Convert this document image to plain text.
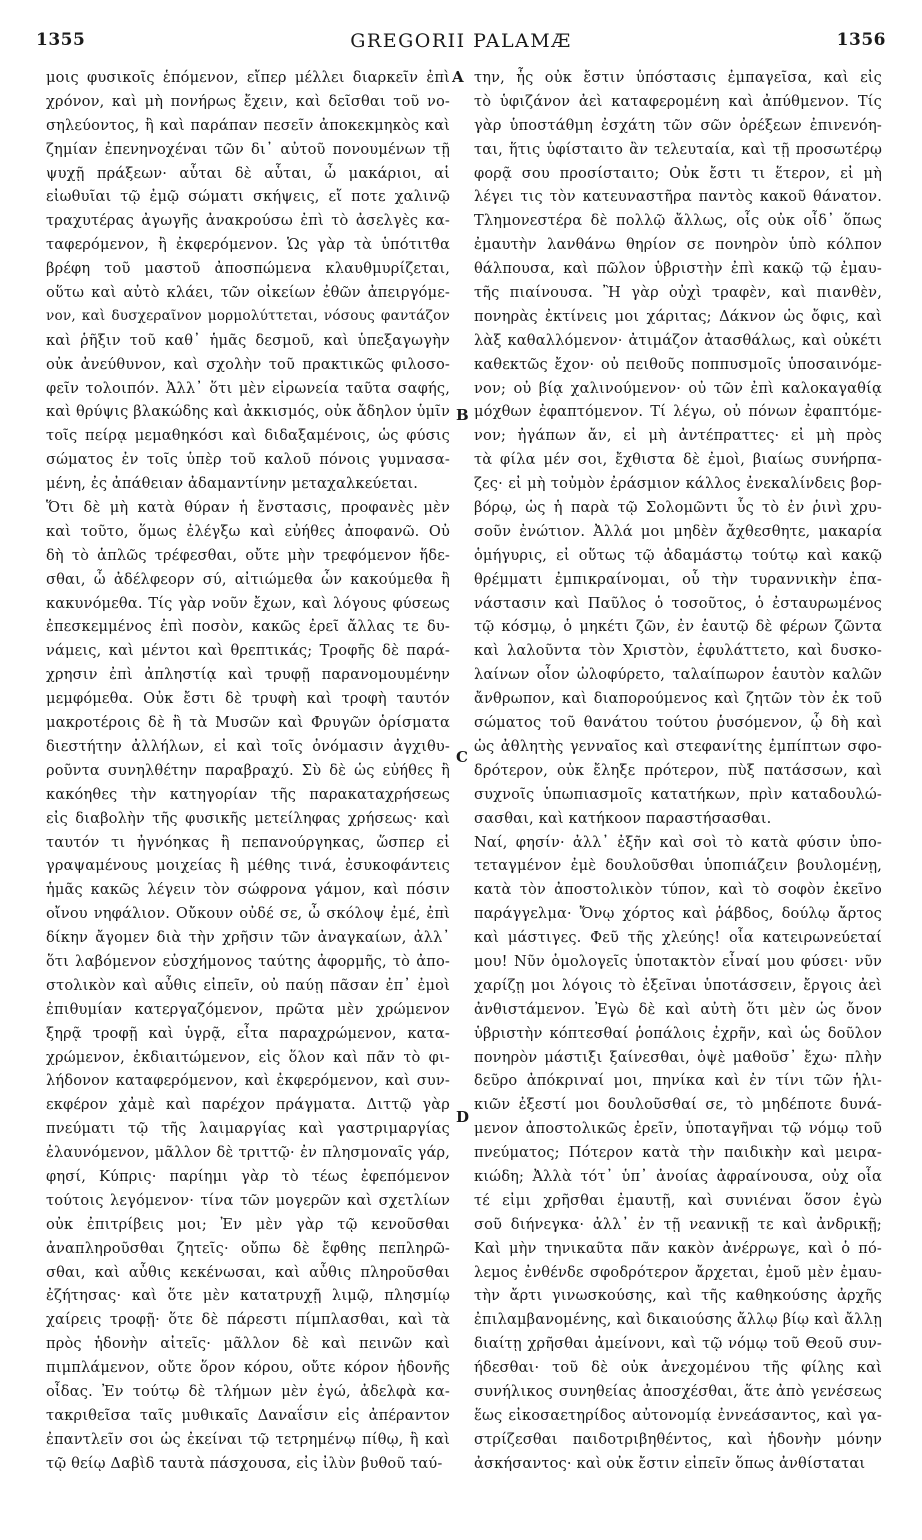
1355	GREGORII PALAMÆ	1356
μοις φυσικοῖς ἑπόμενον, εἴπερ μέλλει διαρκεῖν ἐπὶ
χρόνον, καὶ μὴ πονήρως ἔχειν, καὶ δεῖσθαι τοῦ νο-
σηλεύοντος, ἢ καὶ παράπαν πεσεῖν ἀποκεκμηκὸς καὶ
ζημίαν ἐπενηνοχέναι τῶν δι᾽ αὐτοῦ πονουμένων τῇ
ψυχῇ πράξεων· αὗται δὲ αὗται, ὦ μακάριοι, αἱ
εἰωθυῖαι τῷ ἐμῷ σώματι σκήψεις, εἴ ποτε χαλινῷ
τραχυτέρας ἀγωγῆς ἀνακρούσω ἐπὶ τὸ ἀσελγὲς κα-
ταφερόμενον, ἢ ἐκφερόμενον. Ὡς γὰρ τὰ ὑπότιτθα
βρέφη τοῦ μαστοῦ ἀποσπώμενα κλαυθμυρίζεται,
οὕτω καὶ αὐτὸ κλάει, τῶν οἰκείων ἐθῶν ἀπειργόμε-
νον, καὶ δυσχεραῖνον μορμολύττεται, νόσους φαντάζον
καὶ ῥῆξιν τοῦ καθ᾽ ἡμᾶς δεσμοῦ, καὶ ὑπεξαγωγὴν
οὐκ ἀνεύθυνον, καὶ σχολὴν τοῦ πρακτικῶς φιλοσο-
φεῖν τολοιπόν. Ἀλλ᾽ ὅτι μὲν εἰρωνεία ταῦτα σαφής,
καὶ θρύψις βλακώδης καὶ ἀκκισμός, οὐκ ἄδηλον ὑμῖν
τοῖς πείρᾳ μεμαθηκόσι καὶ διδαξαμένοις, ὡς φύσις
σώματος ἐν τοῖς ὑπὲρ τοῦ καλοῦ πόνοις γυμνασα-
μένη, ἐς ἀπάθειαν ἀδαμαντίνην μεταχαλκεύεται.
Ὅτι δὲ μὴ κατὰ θύραν ἡ ἔνστασις, προφανὲς μὲν
καὶ τοῦτο, ὅμως ἐλέγξω καὶ εὐήθες ἀποφανῶ. Οὐ
δὴ τὸ ἁπλῶς τρέφεσθαι, οὔτε μὴν τρεφόμενον ἥδε-
σθαι, ὦ ἀδέλφεορν σύ, αἰτιώμεθα ὧν κακούμεθα ἢ
κακυνόμεθα. Τίς γὰρ νοῦν ἔχων, καὶ λόγους φύσεως
ἐπεσκεμμένος ἐπὶ ποσὸν, κακῶς ἐρεῖ ἄλλας τε δυ-
νάμεις, καὶ μέντοι καὶ θρεπτικάς; Τροφῆς δὲ παρά-
χρησιν ἐπὶ ἀπληστίᾳ καὶ τρυφῇ παρανομουμένην
μεμφόμεθα. Οὐκ ἔστι δὲ τρυφὴ καὶ τροφὴ ταυτόν
μακροτέροις δὲ ἢ τὰ Μυσῶν καὶ Φρυγῶν ὁρίσματα
διεστήτην ἀλλήλων, εἰ καὶ τοῖς ὀνόμασιν ἀγχιθυ-
ροῦντα συνηλθέτην παραβραχύ. Σὺ δὲ ὡς εὐήθες ἢ
κακόηθες τὴν κατηγορίαν τῆς παρακαταχρήσεως
εἰς διαβολὴν τῆς φυσικῆς μετείληφας χρήσεως· καὶ
ταυτόν τι ἠγνόηκας ἢ πεπανούργηκας, ὥσπερ εἰ
γραψαμένους μοιχείας ἢ μέθης τινά, ἐσυκοφάντεις
ἡμᾶς κακῶς λέγειν τὸν σώφρονα γάμον, καὶ πόσιν
οἴνου νηφάλιον. Οὔκουν οὐδέ σε, ὦ σκόλοψ ἐμέ, ἐπὶ
δίκην ἄγομεν διὰ τὴν χρῆσιν τῶν ἀναγκαίων, ἀλλ᾽
ὅτι λαβόμενον εὐσχήμονος ταύτης ἀφορμῆς, τὸ ἀπο-
στολικὸν καὶ αὖθις εἰπεῖν, οὐ παύῃ πᾶσαν ἐπ᾽ ἐμοὶ
ἐπιθυμίαν κατεργαζόμενον, πρῶτα μὲν χρώμενον
ξηρᾷ τροφῇ καὶ ὑγρᾷ, εἶτα παραχρώμενον, κατα-
χρώμενον, ἐκδιαιτώμενον, εἰς ὅλον καὶ πᾶν τὸ φι-
λήδονον καταφερόμενον, καὶ ἐκφερόμενον, καὶ συν-
εκφέρον χἀμὲ καὶ παρέχον πράγματα. Διττῷ γὰρ
πνεύματι τῷ τῆς λαιμαργίας καὶ γαστριμαργίας
ἐλαυνόμενον, μᾶλλον δὲ τριττῷ· ἐν πλησμοναῖς γάρ,
φησί, Κύπρις· παρίημι γὰρ τὸ τέως ἐφεπόμενον
τούτοις λεγόμενον· τίνα τῶν μογερῶν καὶ σχετλίων
οὐκ ἐπιτρίβεις μοι; Ἐν μὲν γὰρ τῷ κενοῦσθαι
ἀναπληροῦσθαι ζητεῖς· οὔπω δὲ ἔφθης πεπληρῶ-
σθαι, καὶ αὖθις κεκένωσαι, καὶ αὖθις πληροῦσθαι
ἐζήτησας· καὶ ὅτε μὲν κατατρυχῇ λιμῷ, πλησμίῳ
χαίρεις τροφῇ· ὅτε δὲ πάρεστι πίμπλασθαι, καὶ τὰ
πρὸς ἡδονὴν αἰτεῖς· μᾶλλον δὲ καὶ πεινῶν καὶ
πιμπλάμενον, οὔτε ὅρον κόρου, οὔτε κόρον ἡδονῆς
οἶδας. Ἐν τούτῳ δὲ τλήμων μὲν ἐγώ, ἀδελφὰ κα-
τακριθεῖσα ταῖς μυθικαῖς Δαναΐσιν εἰς ἀπέραντον
ἐπαντλεῖν σοι ὡς ἐκείναι τῷ τετρημένῳ πίθῳ, ἢ καὶ
τῷ θείῳ Δαβὶδ ταυτὰ πάσχουσα, εἰς ἰλὺν βυθοῦ ταύ-
την, ἧς οὐκ ἔστιν ὑπόστασις ἐμπαγεῖσα, καὶ εἰς
τὸ ὑφιζάνον ἀεὶ καταφερομένη καὶ ἀπύθμενον. Τίς
γὰρ ὑποστάθμη ἐσχάτη τῶν σῶν ὀρέξεων ἐπινενόη-
ται, ἥτις ὑφίσταιτο ἂν τελευταία, καὶ τῇ προσωτέρῳ
φορᾷ σου προσίσταιτο; Οὐκ ἔστι τι ἕτερον, εἰ μὴ
λέγει τις τὸν κατευναστῆρα παντὸς κακοῦ θάνατον.
Τλημονεστέρα δὲ πολλῷ ἄλλως, οἷς οὐκ οἶδ᾽ ὅπως
ἐμαυτὴν λανθάνω θηρίον σε πονηρὸν ὑπὸ κόλπον
θάλπουσα, καὶ πῶλον ὑβριστὴν ἐπὶ κακῷ τῷ ἐμαυ-
τῆς πιαίνουσα. Ἢ γὰρ οὐχὶ τραφὲν, καὶ πιανθὲν,
πονηρὰς ἐκτίνεις μοι χάριτας; Δάκνον ὡς ὄφις, καὶ
λὰξ καθαλλόμενον· ἀτιμάζον ἀτασθάλως, καὶ οὐκέτι
καθεκτῶς ἔχον· οὐ πειθοῦς ποππυσμοῖς ὑποσαινόμε-
νον; οὐ βίᾳ χαλινούμενον· οὐ τῶν ἐπὶ καλοκαγαθίᾳ
μόχθων ἐφαπτόμενον. Τί λέγω, οὐ πόνων ἐφαπτόμε-
νον; ἠγάπων ἄν, εἰ μὴ ἀντέπραττες· εἰ μὴ πρὸς
τὰ φίλα μέν σοι, ἔχθιστα δὲ ἐμοὶ, βιαίως συνήρπα-
ζες· εἰ μὴ τοὐμὸν ἐράσμιον κάλλος ἐνεκαλίνδεις βορ-
βόρῳ, ὡς ἡ παρὰ τῷ Σολομῶντι ὗς τὸ ἐν ῥινὶ χρυ-
σοῦν ἐνώτιον. Ἀλλά μοι μηδὲν ἄχθεσθητε, μακαρία
ὁμήγυρις, εἰ οὕτως τῷ ἀδαμάστῳ τούτῳ καὶ κακῷ
θρέμματι ἐμπικραίνομαι, οὗ τὴν τυραννικὴν ἐπα-
νάστασιν καὶ Παῦλος ὁ τοσοῦτος, ὁ ἐσταυρωμένος
τῷ κόσμῳ, ὁ μηκέτι ζῶν, ἐν ἑαυτῷ δὲ φέρων ζῶντα
καὶ λαλοῦντα τὸν Χριστὸν, ἐφυλάττετο, καὶ δυσκο-
λαίνων οἷον ὠλοφύρετο, ταλαίπωρον ἑαυτὸν καλῶν
ἄνθρωπον, καὶ διαπορούμενος καὶ ζητῶν τὸν ἐκ τοῦ
σώματος τοῦ θανάτου τούτου ῥυσόμενον, ᾧ δὴ καὶ
ὡς ἀθλητὴς γενναῖος καὶ στεφανίτης ἐμπίπτων σφο-
δρότερον, οὐκ ἔληξε πρότερον, πὺξ πατάσσων, καὶ
συχνοῖς ὑπωπιασμοῖς κατατήκων, πρὶν καταδουλώ-
σασθαι, καὶ κατήκοον παραστήσασθαι.
Ναί, φησίν· ἀλλ᾽ ἐξῆν καὶ σοὶ τὸ κατὰ φύσιν ὑπο-
τεταγμένον ἐμὲ δουλοῦσθαι ὑποπιάζειν βουλομένῃ,
κατὰ τὸν ἀποστολικὸν τύπον, καὶ τὸ σοφὸν ἐκεῖνο
παράγγελμα· Ὄνῳ χόρτος καὶ ῥάβδος, δούλῳ ἄρτος
καὶ μάστιγες. Φεῦ τῆς χλεύης! οἷα κατειρωνεύεταί
μου! Νῦν ὁμολογεῖς ὑποτακτὸν εἶναί μου φύσει· νῦν
χαρίζῃ μοι λόγοις τὸ ἐξεῖναι ὑποτάσσειν, ἔργοις ἀεὶ
ἀνθιστάμενον. Ἐγὼ δὲ καὶ αὐτὴ ὅτι μὲν ὡς ὄνον
ὑβριστὴν κόπτεσθαί ῥοπάλοις ἐχρῆν, καὶ ὡς δοῦλον
πονηρὸν μάστιξι ξαίνεσθαι, ὀψὲ μαθοῦσ᾽ ἔχω· πλὴν
δεῦρο ἀπόκριναί μοι, πηνίκα καὶ ἐν τίνι τῶν ἡλι-
κιῶν ἐξεστί μοι δουλοῦσθαί σε, τὸ μηδέποτε δυνά-
μενον ἀποστολικῶς ἐρεῖν, ὑποταγῆναι τῷ νόμῳ τοῦ
πνεύματος; Πότερον κατὰ τὴν παιδικὴν καὶ μειρα-
κιώδη; Ἀλλὰ τότ᾽ ὑπ᾽ ἀνοίας ἀφραίνουσα, οὐχ οἷα
τέ εἰμι χρῆσθαι ἐμαυτῇ, καὶ συνιέναι ὅσον ἐγὼ
σοῦ διήνεγκα· ἀλλ᾽ ἐν τῇ νεανικῇ τε καὶ ἀνδρικῇ;
Καὶ μὴν τηνικαῦτα πᾶν κακὸν ἀνέρρωγε, καὶ ὁ πό-
λεμος ἐνθένδε σφοδρότερον ἄρχεται, ἐμοῦ μὲν ἐμαυ-
τὴν ἄρτι γινωσκούσης, καὶ τῆς καθηκούσης ἀρχῆς
ἐπιλαμβανομένης, καὶ δικαιούσης ἄλλῳ βίῳ καὶ ἄλλῃ
διαίτῃ χρῆσθαι ἀμείνονι, καὶ τῷ νόμῳ τοῦ Θεοῦ συν-
ήδεσθαι· τοῦ δὲ οὐκ ἀνεχομένου τῆς φίλης καὶ
συνήλικος συνηθείας ἀποσχέσθαι, ἅτε ἀπὸ γενέσεως
ἕως εἰκοσαετηρίδος αὐτονομίᾳ ἐννεάσαντος, καὶ γα-
στρίζεσθαι παιδοτριβηθέντος, καὶ ἡδονὴν μόνην
ἀσκήσαντος· καὶ οὐκ ἔστιν εἰπεῖν ὅπως ἀνθίσταται
A
B
C
D
